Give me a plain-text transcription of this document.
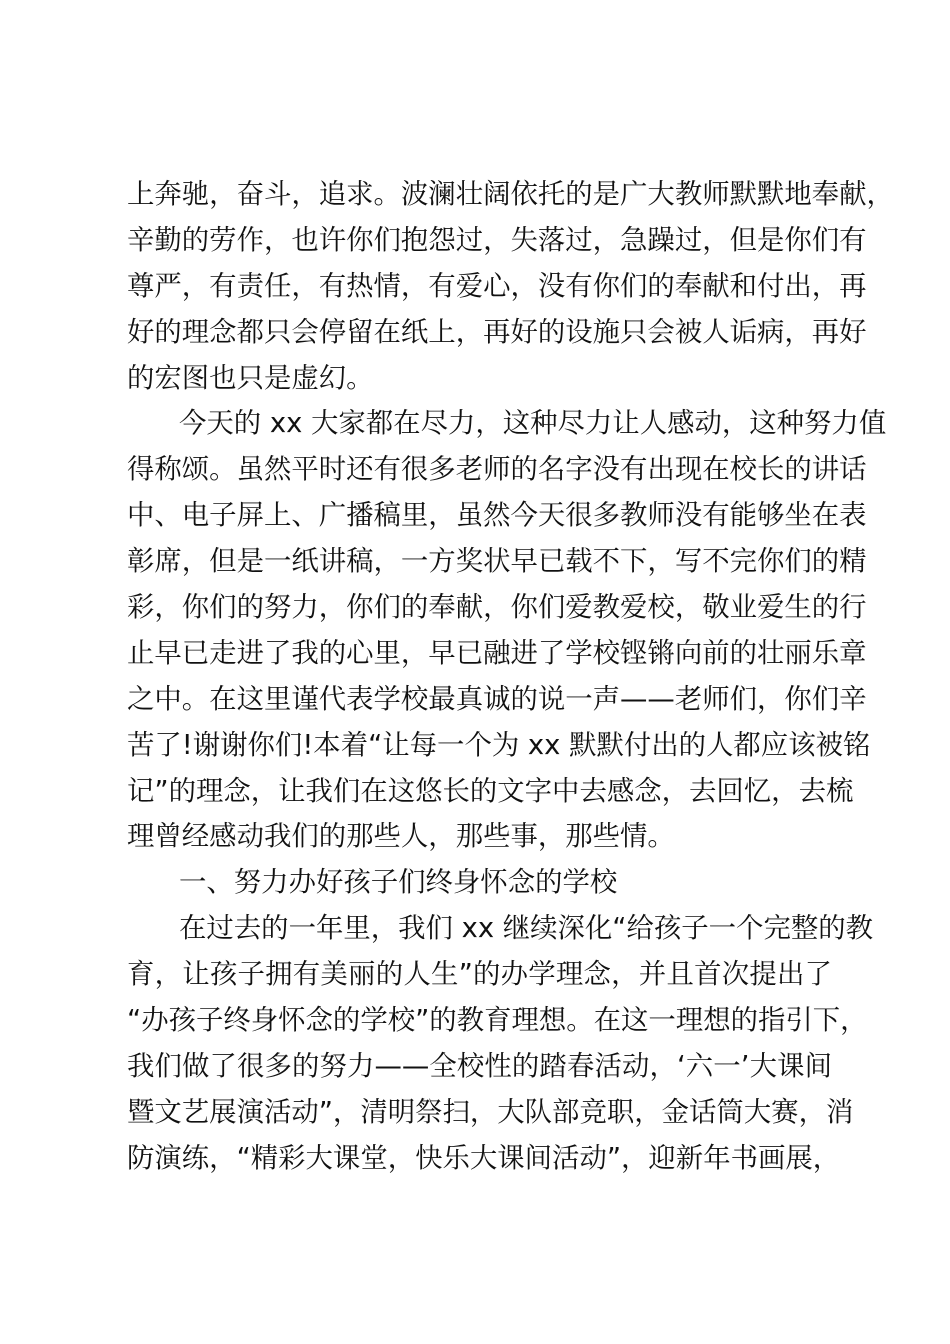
上奔驰，奋斗，追求。波澜壮阔依托的是广大教师默默地奉献，
辛勤的劳作，也许你们抱怨过，失落过，急躁过，但是你们有
尊严，有责任，有热情，有爱心，没有你们的奉献和付出，再
好的理念都只会停留在纸上，再好的设施只会被人诟病，再好
的宏图也只是虚幻。
今天的 xx 大家都在尽力，这种尽力让人感动，这种努力值
得称颂。虽然平时还有很多老师的名字没有出现在校长的讲话
中、电子屏上、广播稿里，虽然今天很多教师没有能够坐在表
彰席，但是一纸讲稿，一方奖状早已载不下，写不完你们的精
彩，你们的努力，你们的奉献，你们爱教爱校，敬业爱生的行
止早已走进了我的心里，早已融进了学校铿锵向前的壮丽乐章
之中。在这里谨代表学校最真诚的说一声——老师们，你们辛
苦了!谢谢你们!本着“让每一个为 xx 默默付出的人都应该被铭
记”的理念，让我们在这悠长的文字中去感念，去回忆，去梳
理曾经感动我们的那些人，那些事，那些情。
一、努力办好孩子们终身怀念的学校
在过去的一年里，我们 xx 继续深化“给孩子一个完整的教
育，让孩子拥有美丽的人生”的办学理念，并且首次提出了
“办孩子终身怀念的学校”的教育理想。在这一理想的指引下，
我们做了很多的努力——全校性的踏春活动，‘六一’大课间
暨文艺展演活动”，清明祭扫，大队部竞职，金话筒大赛，消
防演练，“精彩大课堂，快乐大课间活动”，迎新年书画展，
